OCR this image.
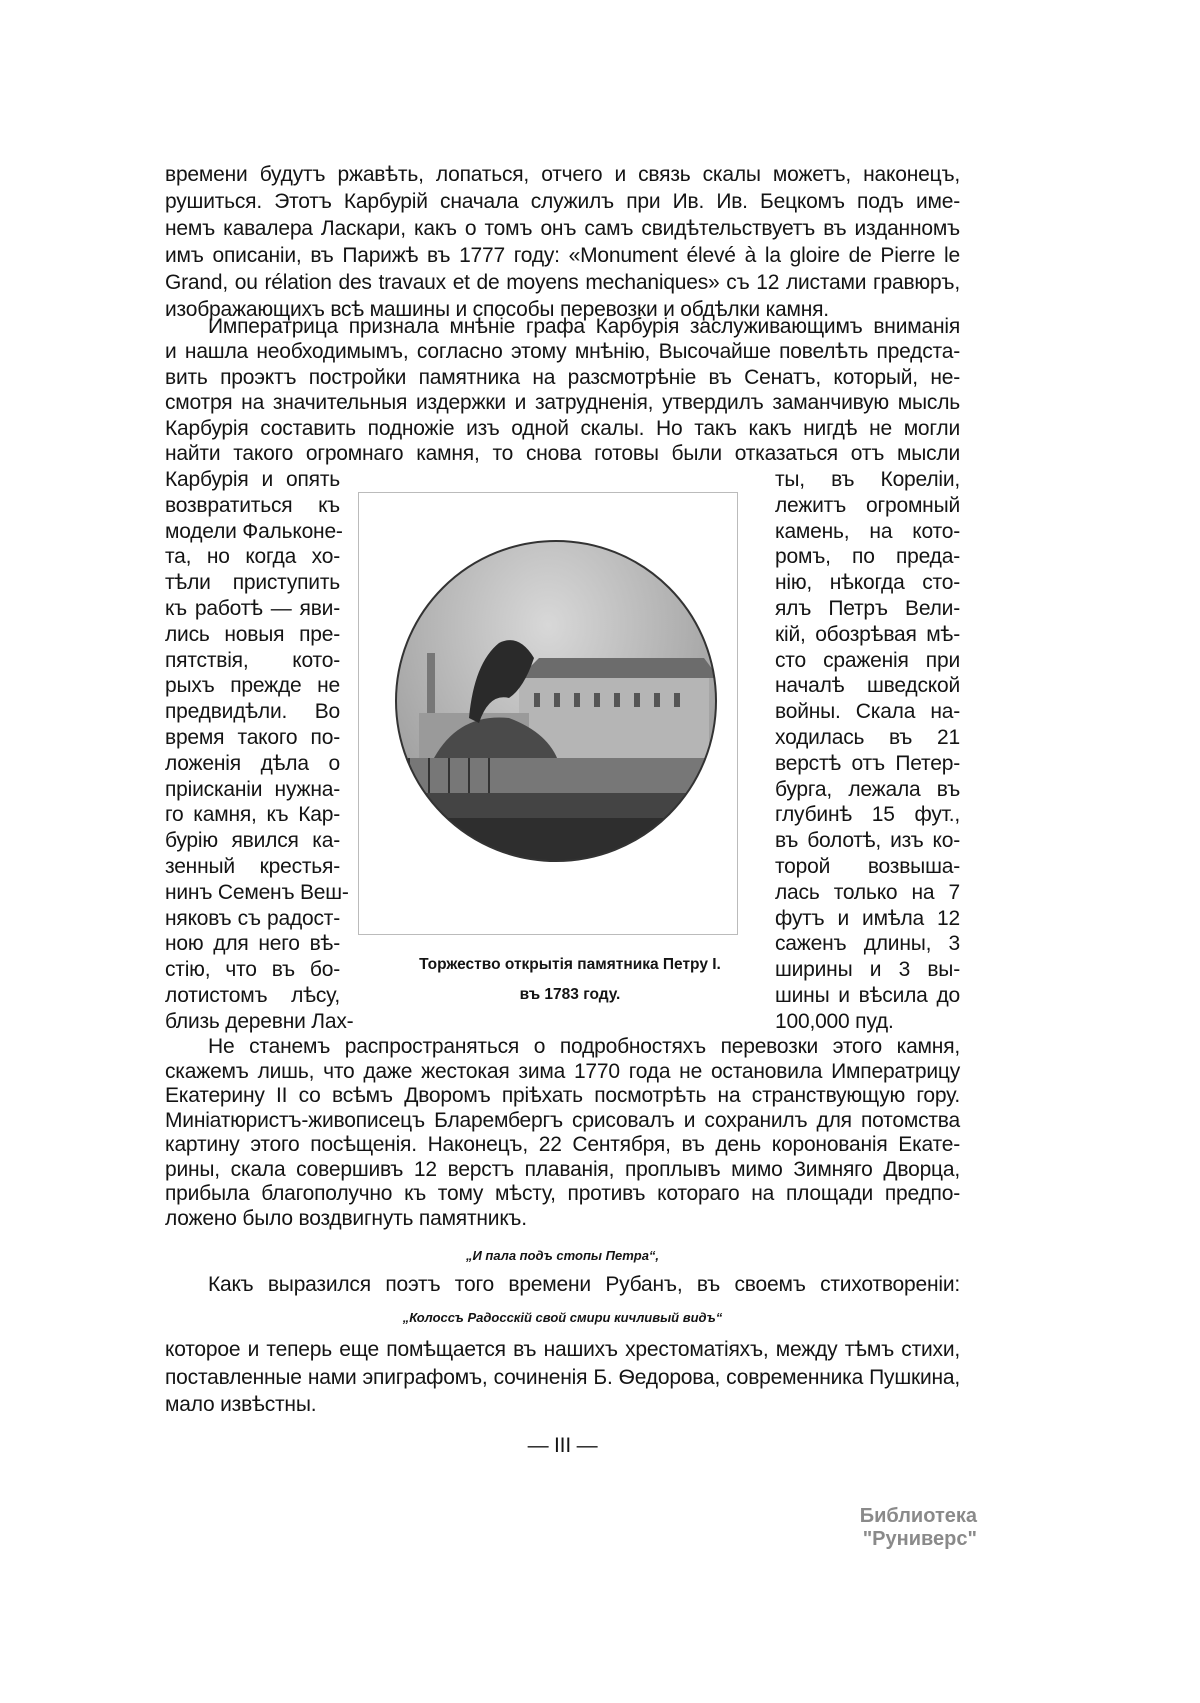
времени будутъ ржавѣть, лопаться, отчего и связь скалы можетъ, наконецъ,
рушиться. Этотъ Карбурій сначала служилъ при Ив. Ив. Бецкомъ подъ име-
немъ кавалера Ласкари, какъ о томъ онъ самъ свидѣтельствуетъ въ изданномъ
имъ описаніи, въ Парижѣ въ 1777 году: «Monument élevé à la gloire de Pierre le
Grand, ou rélation des travaux et de moyens mechaniques» съ 12 листами гравюръ,
изображающихъ всѣ машины и способы перевозки и обдѣлки камня.
Императрица признала мнѣніе графа Карбурія заслуживающимъ вниманія
и нашла необходимымъ, согласно этому мнѣнію, Высочайше повелѣть предста-
вить проэктъ постройки памятника на разсмотрѣніе въ Сенатъ, который, не-
смотря на значительныя издержки и затрудненія, утвердилъ заманчивую мысль
Карбурія составить подножіе изъ одной скалы. Но такъ какъ нигдѣ не могли
найти такого огромнаго камня, то снова готовы были отказаться отъ мысли
Карбурія и опять
возвратиться къ
модели Фальконе-
та, но когда хо-
тѣли приступить
къ работѣ — яви-
лись новыя пре-
пятствія, кото-
рыхъ прежде не
предвидѣли. Во
время такого по-
ложенія дѣла о
пріисканіи нужна-
го камня, къ Кар-
бурію явился ка-
зенный крестья-
нинъ Семенъ Веш-
няковъ съ радост-
ною для него вѣ-
стію, что въ бо-
лотистомъ лѣсу,
близь деревни Лах-
ты, въ Кореліи,
лежитъ огромный
камень, на кото-
ромъ, по преда-
нію, нѣкогда сто-
ялъ Петръ Вели-
кій, обозрѣвая мѣ-
сто сраженія при
началѣ шведской
войны. Скала на-
ходилась въ 21
верстѣ отъ Петер-
бурга, лежала въ
глубинѣ 15 фут.,
въ болотѣ, изъ ко-
торой возвыша-
лась только на 7
футъ и имѣла 12
саженъ длины, 3
ширины и 3 вы-
шины и вѣсила до
100,000 пуд.
Не станемъ распространяться о подробностяхъ перевозки этого камня,
скажемъ лишь, что даже жестокая зима 1770 года не остановила Императрицу
Екатерину II со всѣмъ Дворомъ пріѣхать посмотрѣть на странствующую гору.
Миніатюристъ-живописецъ Бларембергъ срисовалъ и сохранилъ для потомства
картину этого посѣщенія. Наконецъ, 22 Сентября, въ день коронованія Екате-
рины, скала совершивъ 12 верстъ плаванія, проплывъ мимо Зимняго Дворца,
прибыла благополучно къ тому мѣсту, противъ котораго на площади предпо-
ложено было воздвигнуть памятникъ.
„И пала подъ стопы Петра“,
Какъ выразился поэтъ того времени Рубанъ, въ своемъ стихотвореніи:
„Колоссъ Радосскій свой смири кичливый видъ“
которое и теперь еще помѣщается въ нашихъ хрестоматіяхъ, между тѣмъ стихи,
поставленные нами эпиграфомъ, сочиненія Б. Ѳедорова, современника Пушкина,
мало извѣстны.
— III —
Торжество открытія памятника Петру I.
въ 1783 году.
Библиотека "Руниверс"
